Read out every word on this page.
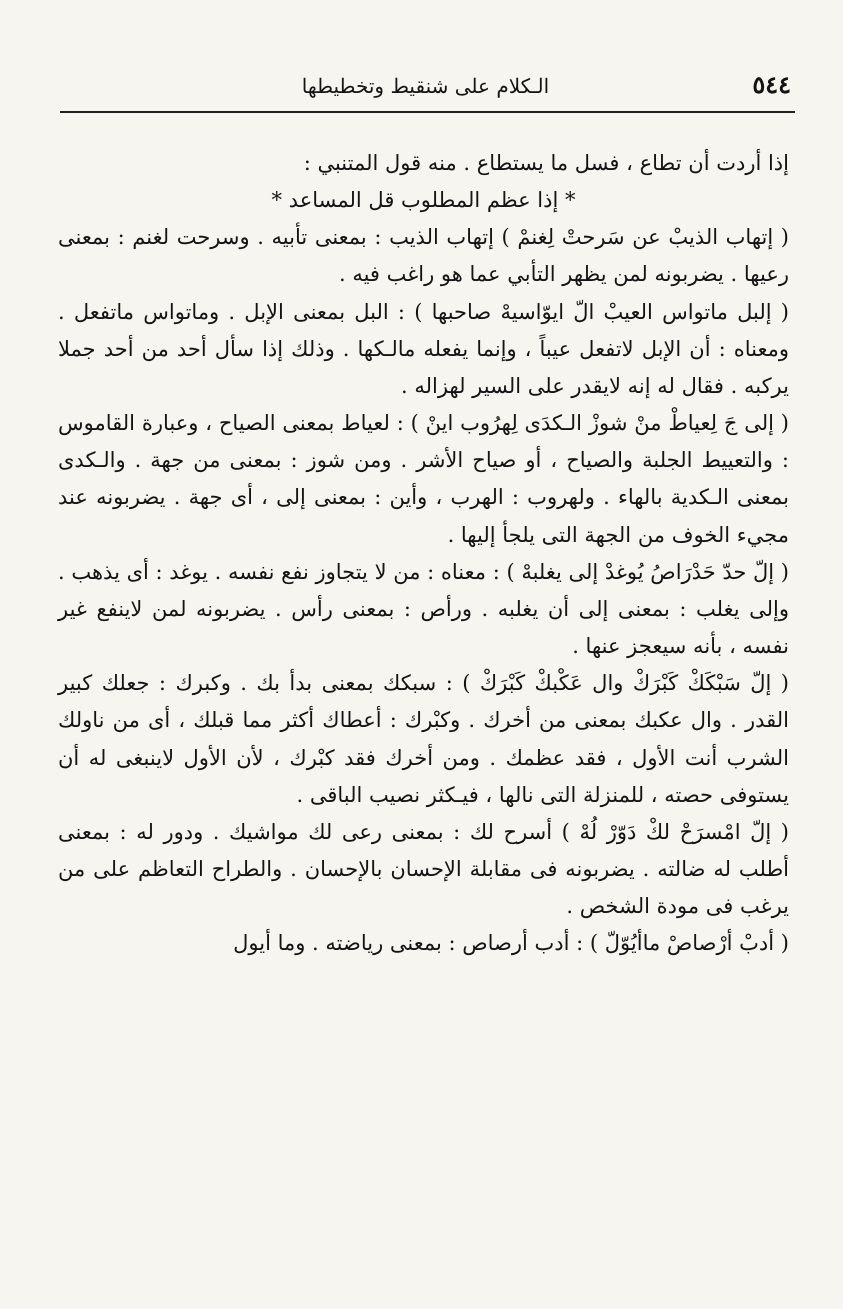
٥٤٤
الـكلام على شنقيط وتخطيطها

إذا أردت أن تطاع ، فسل ما يستطاع . منه قول المتنبي :

* إذا عظم المطلوب قل المساعد *

( إتهاب الذيبْ عن سَرحتْ لِغنمْ ) إتهاب الذيب : بمعنى تأبيه . وسرحت لغنم : بمعنى رعيها . يضربونه لمن يظهر التأبي عما هو راغب فيه .

( إلبل ماتواس العيبْ الّ ايوّاسيهْ صاحبها ) : البل بمعنى الإبل . وماتواس ماتفعل . ومعناه : أن الإبل لاتفعل عيباً ، وإنما يفعله مالـكها . وذلك إذا سأل أحد من أحد جملا يركبه . فقال له إنه لايقدر على السير لهزاله .

( إلى جَ لِعياطْ منْ شوزْ الـكدَى لِهرُوب اينْ ) : لعياط بمعنى الصياح ، وعبارة القاموس : والتعييط الجلبة والصياح ، أو صياح الأشر . ومن شوز : بمعنى من جهة . والـكدى بمعنى الـكدية بالهاء . ولهروب : الهرب ، وأين : بمعنى إلى ، أى جهة . يضربونه عند مجيء الخوف من الجهة التى يلجأ إليها .

( إلّ حدّ حَدْرَاصُ يُوغدْ إلى يغلبهْ ) : معناه : من لا يتجاوز نفع نفسه . يوغد : أى يذهب . وإلى يغلب : بمعنى إلى أن يغلبه . ورأص : بمعنى رأس . يضربونه لمن لاينفع غير نفسه ، بأنه سيعجز عنها .

( إلّ سَبْكَكْ كَبْرَكْ وال عَكْبكْ كَبْرَكْ ) : سبكك بمعنى بدأ بك . وكبرك : جعلك كبير القدر . وال عكبك بمعنى من أخرك . وكبْرك : أعطاك أكثر مما قبلك ، أى من ناولك الشرب أنت الأول ، فقد عظمك . ومن أخرك فقد كبْرك ، لأن الأول لاينبغى له أن يستوفى حصته ، للمنزلة التى نالها ، فيـكثر نصيب الباقى .

( إلّ امْسرَحْ لكْ دَوّرْ لُهْ ) أسرح لك : بمعنى رعى لك مواشيك . ودور له : بمعنى أطلب له ضالته . يضربونه فى مقابلة الإحسان بالإحسان . والطراح التعاظم على من يرغب فى مودة الشخص .

( أدبْ أرْصاصْ ماأيُوّلّ ) : أدب أرصاص : بمعنى رياضته . وما أيول
